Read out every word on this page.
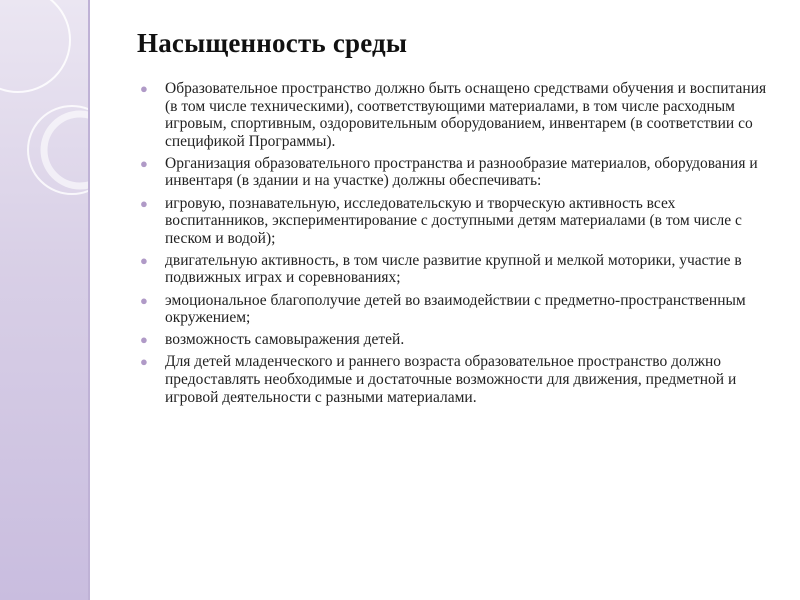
Насыщенность среды
● Образовательное пространство должно быть оснащено средствами обучения и воспитания (в том числе техническими), соответствующими материалами, в том числе расходным игровым, спортивным, оздоровительным оборудованием, инвентарем (в соответствии со спецификой Программы).
● Организация образовательного пространства и разнообразие материалов, оборудования и инвентаря (в здании и на участке) должны обеспечивать:
● игровую, познавательную, исследовательскую и творческую активность всех воспитанников, экспериментирование с доступными детям материалами (в том числе с песком и водой);
● двигательную активность, в том числе развитие крупной и мелкой моторики, участие в подвижных играх и соревнованиях;
● эмоциональное благополучие детей во взаимодействии с предметно-пространственным окружением;
● возможность самовыражения детей.
● Для детей младенческого и раннего возраста образовательное пространство должно предоставлять необходимые и достаточные возможности для движения, предметной и игровой деятельности с разными материалами.
